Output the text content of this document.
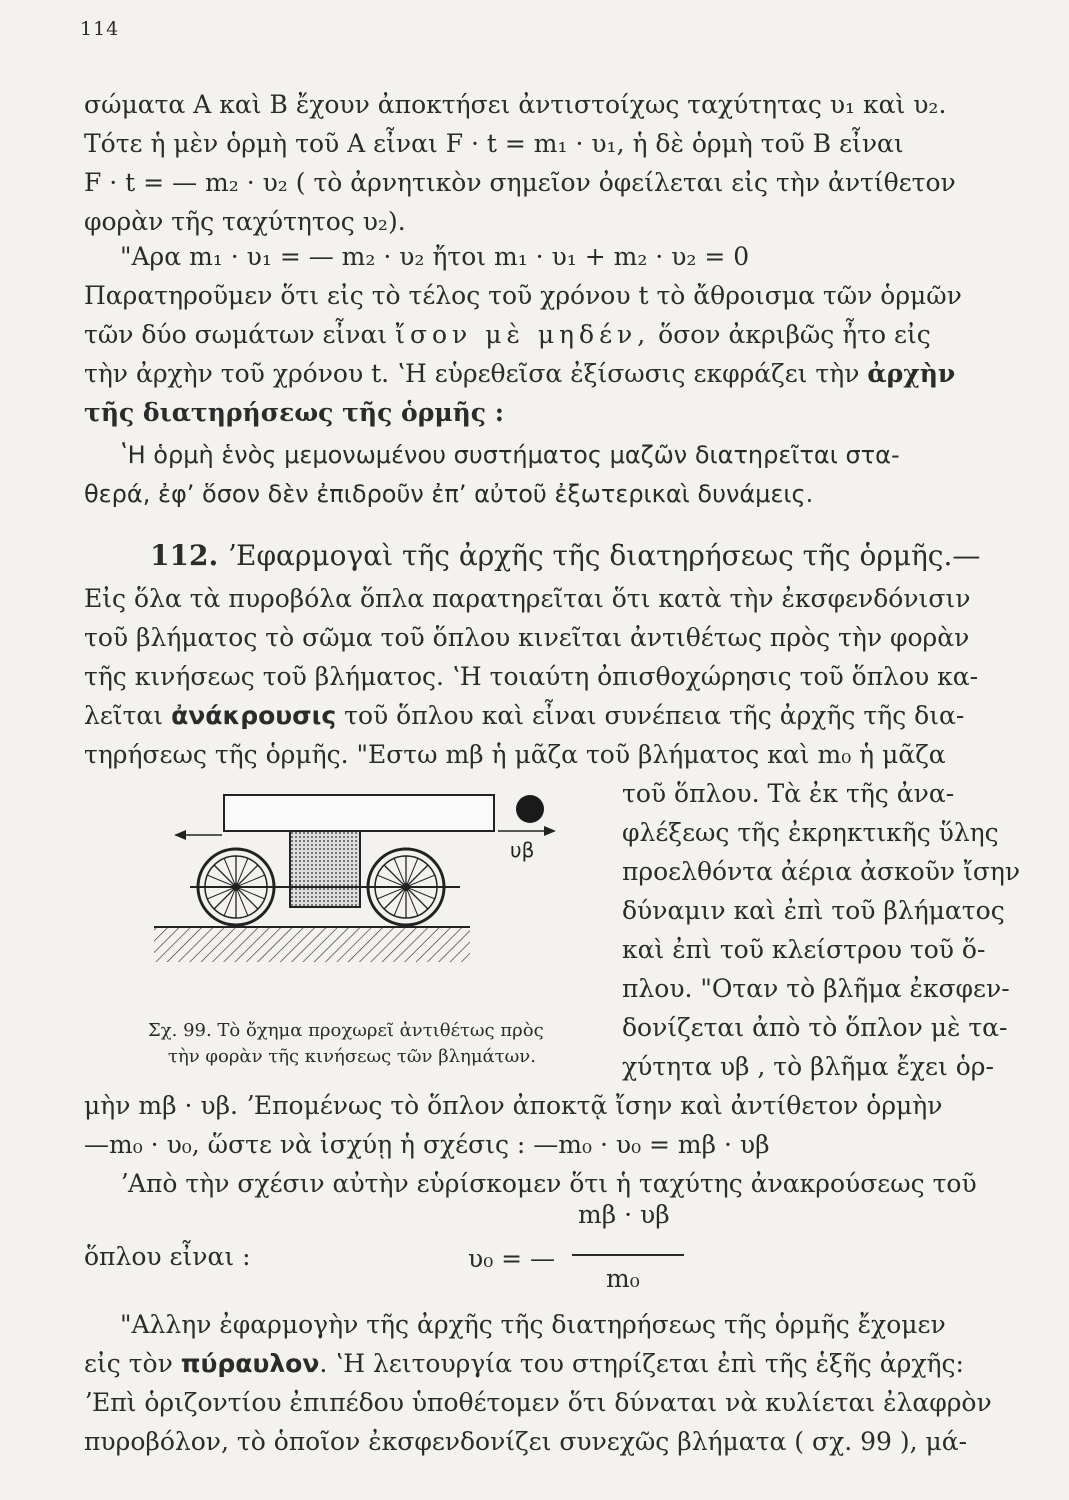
114
σώματα Α καὶ Β ἔχουν ἀποκτήσει ἀντιστοίχως ταχύτητας υ₁ καὶ υ₂.
Τότε ἡ μὲν ὁρμὴ τοῦ Α εἶναι F · t = m₁ · υ₁, ἡ δὲ ὁρμὴ τοῦ Β εἶναι
F · t = — m₂ · υ₂ ( τὸ ἀρνητικὸν σημεῖον ὀφείλεται εἰς τὴν ἀντίθετον
φορὰν τῆς ταχύτητος υ₂).
"Αρα m₁ · υ₁ = — m₂ · υ₂ ἤτοι m₁ · υ₁ + m₂ · υ₂ = 0
Παρατηροῦμεν ὅτι εἰς τὸ τέλος τοῦ χρόνου t τὸ ἄθροισμα τῶν ὁρμῶν
τῶν δύο σωμάτων εἶναι ἴσον μὲ μηδέν, ὅσον ἀκριβῶς ἦτο εἰς
τὴν ἀρχὴν τοῦ χρόνου t. ʽΗ εὑρεθεῖσα ἐξίσωσις εκφράζει τὴν ἀρχὴν
τῆς διατηρήσεως τῆς ὁρμῆς :
ʽΗ ὁρμὴ ἑνὸς μεμονωμένου συστήματος μαζῶν διατηρεῖται στα-
θερά, ἐφ’ ὅσον δὲν ἐπιδροῦν ἐπ’ αὐτοῦ ἐξωτερικαὶ δυνάμεις.
112. ʼΕφαρμογαὶ τῆς ἀρχῆς τῆς διατηρήσεως τῆς ὁρμῆς.—
Εἰς ὅλα τὰ πυροβόλα ὅπλα παρατηρεῖται ὅτι κατὰ τὴν ἐκσφενδόνισιν
τοῦ βλήματος τὸ σῶμα τοῦ ὅπλου κινεῖται ἀντιθέτως πρὸς τὴν φορὰν
τῆς κινήσεως τοῦ βλήματος. ʽΗ τοιαύτη ὀπισθοχώρησις τοῦ ὅπλου κα-
λεῖται ἀνάκρουσις τοῦ ὅπλου καὶ εἶναι συνέπεια τῆς ἀρχῆς τῆς δια-
τηρήσεως τῆς ὁρμῆς. "Εστω mβ ἡ μᾶζα τοῦ βλήματος καὶ m₀ ἡ μᾶζα
τοῦ ὅπλου. Τὰ ἐκ τῆς ἀνα-
φλέξεως τῆς ἐκρηκτικῆς ὕλης
προελθόντα ἀέρια ἀσκοῦν ἴσην
δύναμιν καὶ ἐπὶ τοῦ βλήματος
καὶ ἐπὶ τοῦ κλείστρου τοῦ ὅ-
πλου. "Οταν τὸ βλῆμα ἐκσφεν-
δονίζεται ἀπὸ τὸ ὅπλον μὲ τα-
χύτητα υβ , τὸ βλῆμα ἔχει ὁρ-
υβ
Σχ. 99. Τὸ ὄχημα προχωρεῖ ἀντιθέτως πρὸς
τὴν φορὰν τῆς κινήσεως τῶν βλημάτων.
μὴν mβ · υβ. ʼΕπομένως τὸ ὅπλον ἀποκτᾷ ἴσην καὶ ἀντίθετον ὁρμὴν
—m₀ · υ₀, ὥστε νὰ ἰσχύῃ ἡ σχέσις : —m₀ · υ₀ = mβ · υβ
ʼΑπὸ τὴν σχέσιν αὐτὴν εὑρίσκομεν ὅτι ἡ ταχύτης ἀνακρούσεως τοῦ
ὅπλου εἶναι :	υ₀ = —
mβ · υβ
m₀
"Αλλην ἐφαρμογὴν τῆς ἀρχῆς τῆς διατηρήσεως τῆς ὁρμῆς ἔχομεν
εἰς τὸν πύραυλον. ʽΗ λειτουργία του στηρίζεται ἐπὶ τῆς ἑξῆς ἀρχῆς:
ʼΕπὶ ὁριζοντίου ἐπιπέδου ὑποθέτομεν ὅτι δύναται νὰ κυλίεται ἐλαφρὸν
πυροβόλον, τὸ ὁποῖον ἐκσφενδονίζει συνεχῶς βλήματα ( σχ. 99 ), μά-
